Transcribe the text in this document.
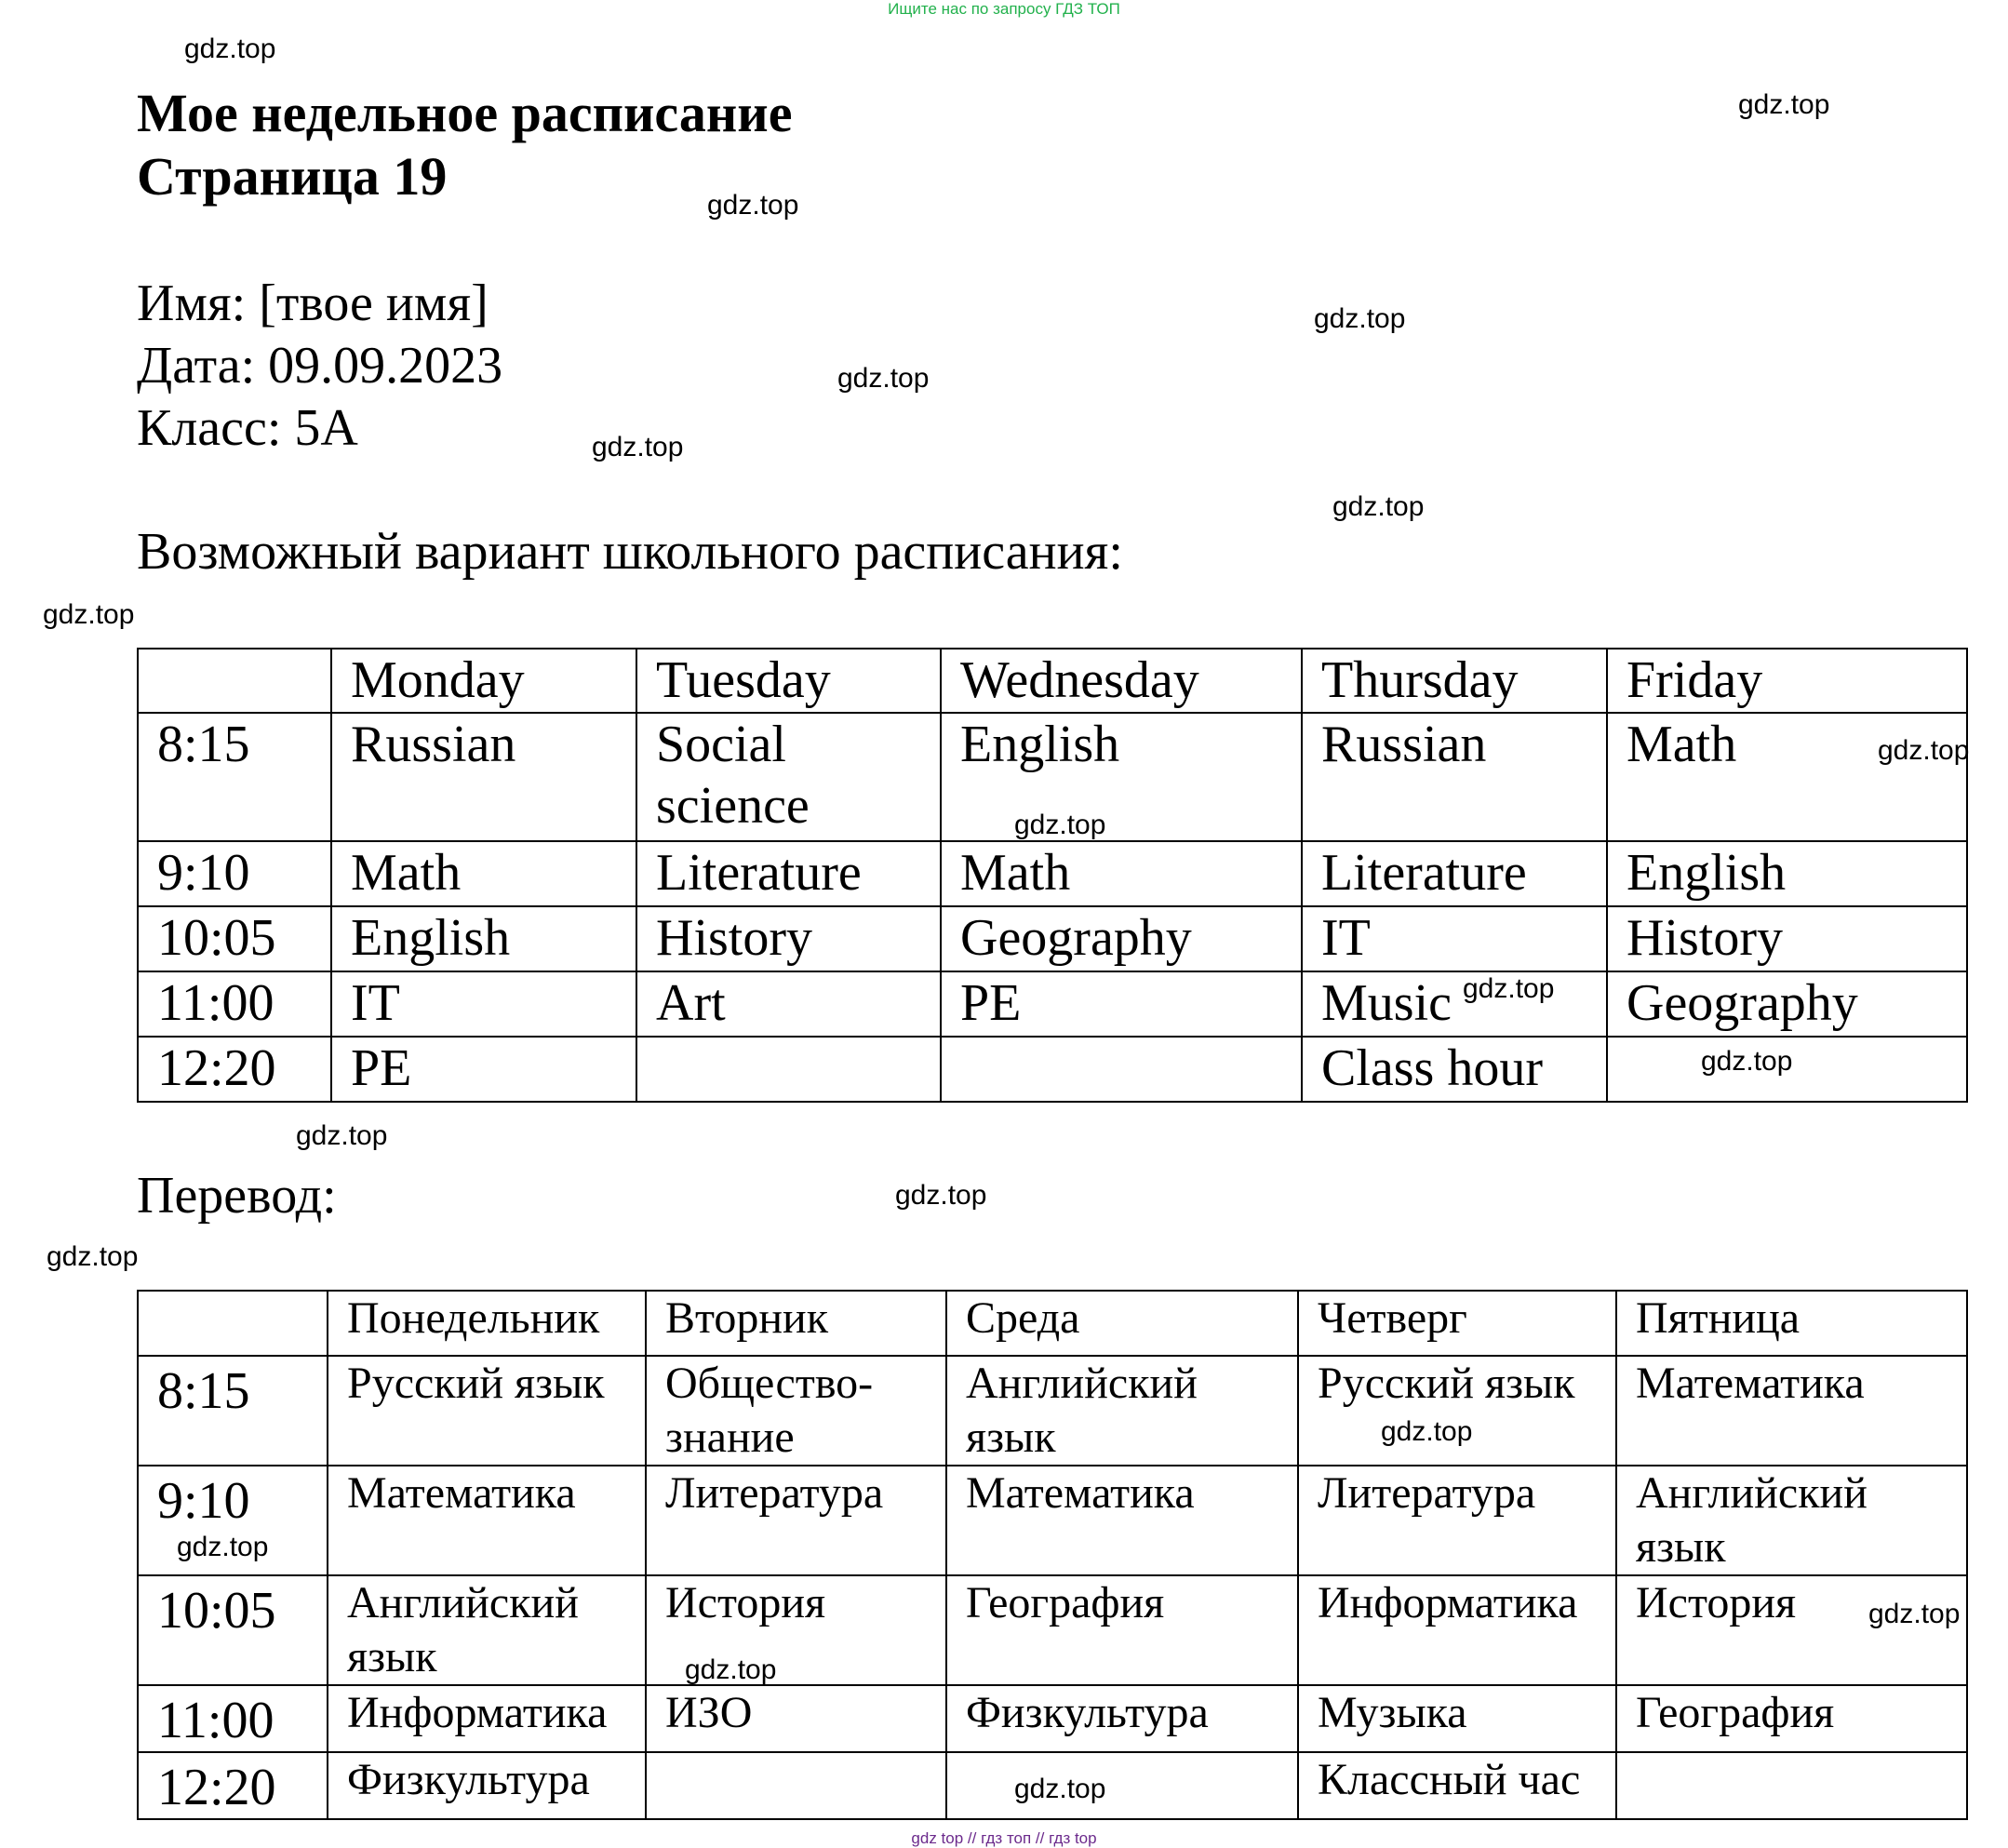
Ищите нас по запросу ГДЗ ТОП
gdz.top
gdz.top
gdz.top
gdz.top
gdz.top
gdz.top
gdz.top
gdz.top
gdz.top
gdz.top
gdz.top
gdz.top
gdz.top
gdz.top
gdz.top
gdz.top
gdz.top
gdz.top
gdz.top
gdz.top
Мое недельное расписание
Страница 19
Имя: [твое имя]
Дата: 09.09.2023
Класс: 5А
Возможный вариант школьного расписания:
	Monday	Tuesday	Wednesday	Thursday	Friday
8:15	Russian	Social science	English	Russian	Math
9:10	Math	Literature	Math	Literature	English
10:05	English	History	Geography	IT	History
11:00	IT	Art	PE	Music	Geography
12:20	PE			Class hour	
Перевод:
	Понедельник	Вторник	Среда	Четверг	Пятница
8:15	Русский язык	Общество-знание	Английский язык	Русский язык	Математика
9:10	Математика	Литература	Математика	Литература	Английский язык
10:05	Английский язык	История	География	Информатика	История
11:00	Информатика	ИЗО	Физкультура	Музыка	География
12:20	Физкультура			Классный час	
gdz top // гдз топ // гдз top
